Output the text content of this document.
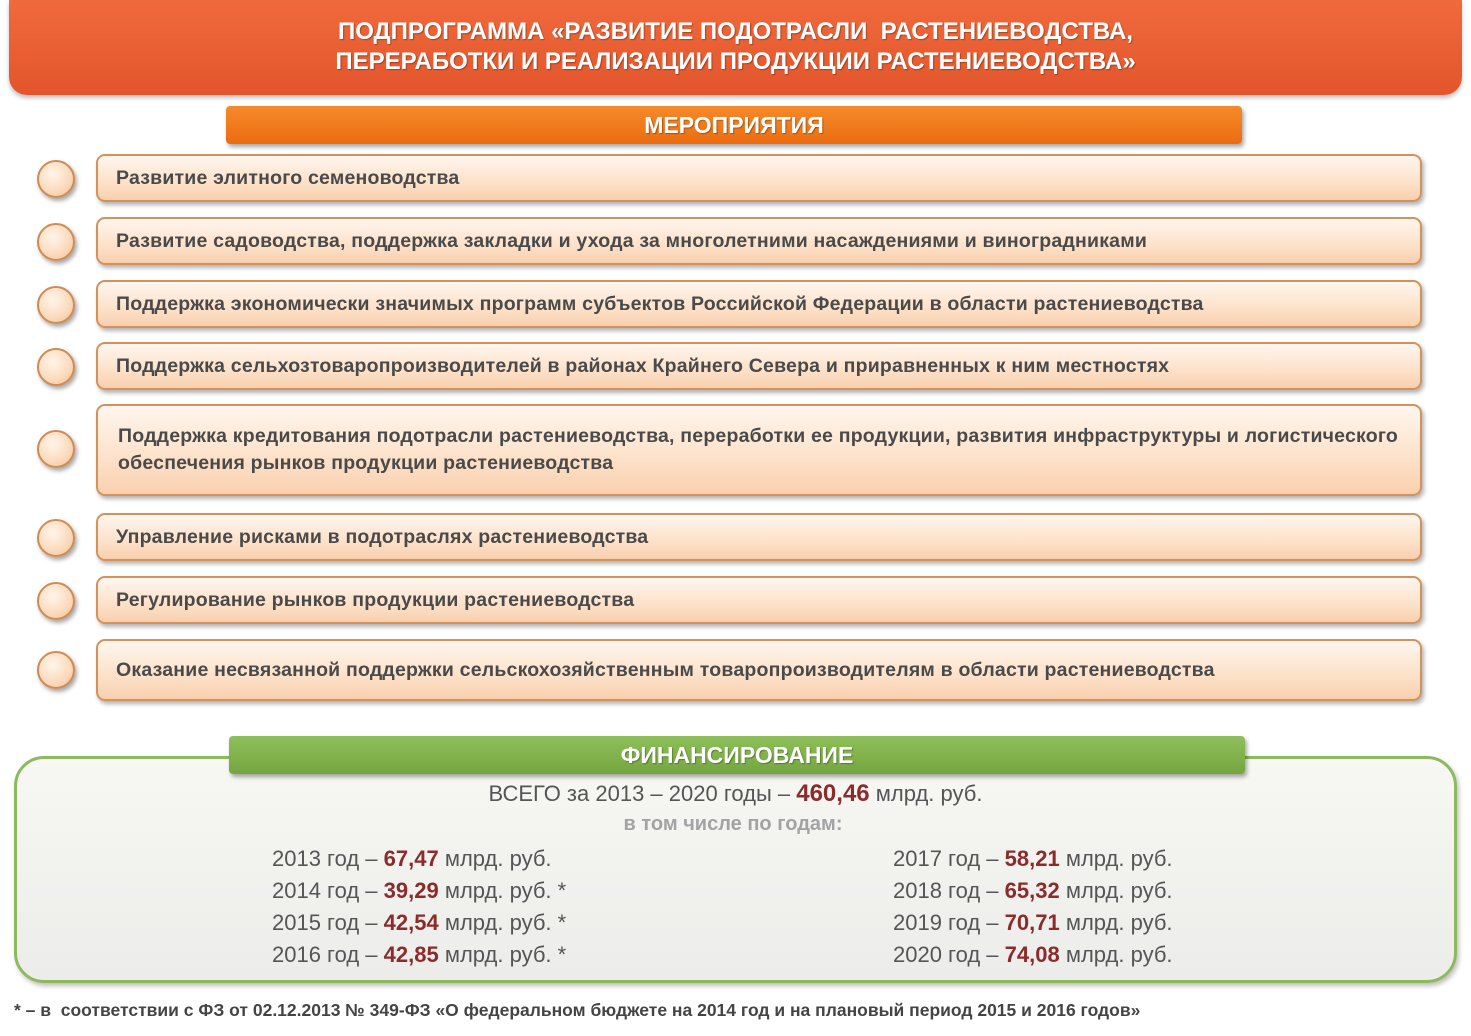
ПОДПРОГРАММА «РАЗВИТИЕ ПОДОТРАСЛИ  РАСТЕНИЕВОДСТВА,
ПЕРЕРАБОТКИ И РЕАЛИЗАЦИИ ПРОДУКЦИИ РАСТЕНИЕВОДСТВА»
МЕРОПРИЯТИЯ
Развитие элитного семеноводства
Развитие садоводства, поддержка закладки и ухода за многолетними насаждениями и виноградниками
Поддержка экономически значимых программ субъектов Российской Федерации в области растениеводства
Поддержка сельхозтоваропроизводителей в районах Крайнего Севера и приравненных к ним местностях
Поддержка кредитования подотрасли растениеводства, переработки ее продукции, развития инфраструктуры и логистического обеспечения рынков продукции растениеводства
Управление рисками в подотраслях растениеводства
Регулирование рынков продукции растениеводства
Оказание несвязанной поддержки сельскохозяйственным товаропроизводителям в области растениеводства
ФИНАНСИРОВАНИЕ
ВСЕГО за 2013 – 2020 годы – 460,46 млрд. руб.
в том числе по годам:
2013 год – 67,47 млрд. руб.
2014 год – 39,29 млрд. руб. *
2015 год – 42,54 млрд. руб. *
2016 год – 42,85 млрд. руб. *
2017 год – 58,21 млрд. руб.
2018 год – 65,32 млрд. руб.
2019 год – 70,71 млрд. руб.
2020 год – 74,08 млрд. руб.
* – в  соответствии с ФЗ от 02.12.2013 № 349-ФЗ «О федеральном бюджете на 2014 год и на плановый период 2015 и 2016 годов»
